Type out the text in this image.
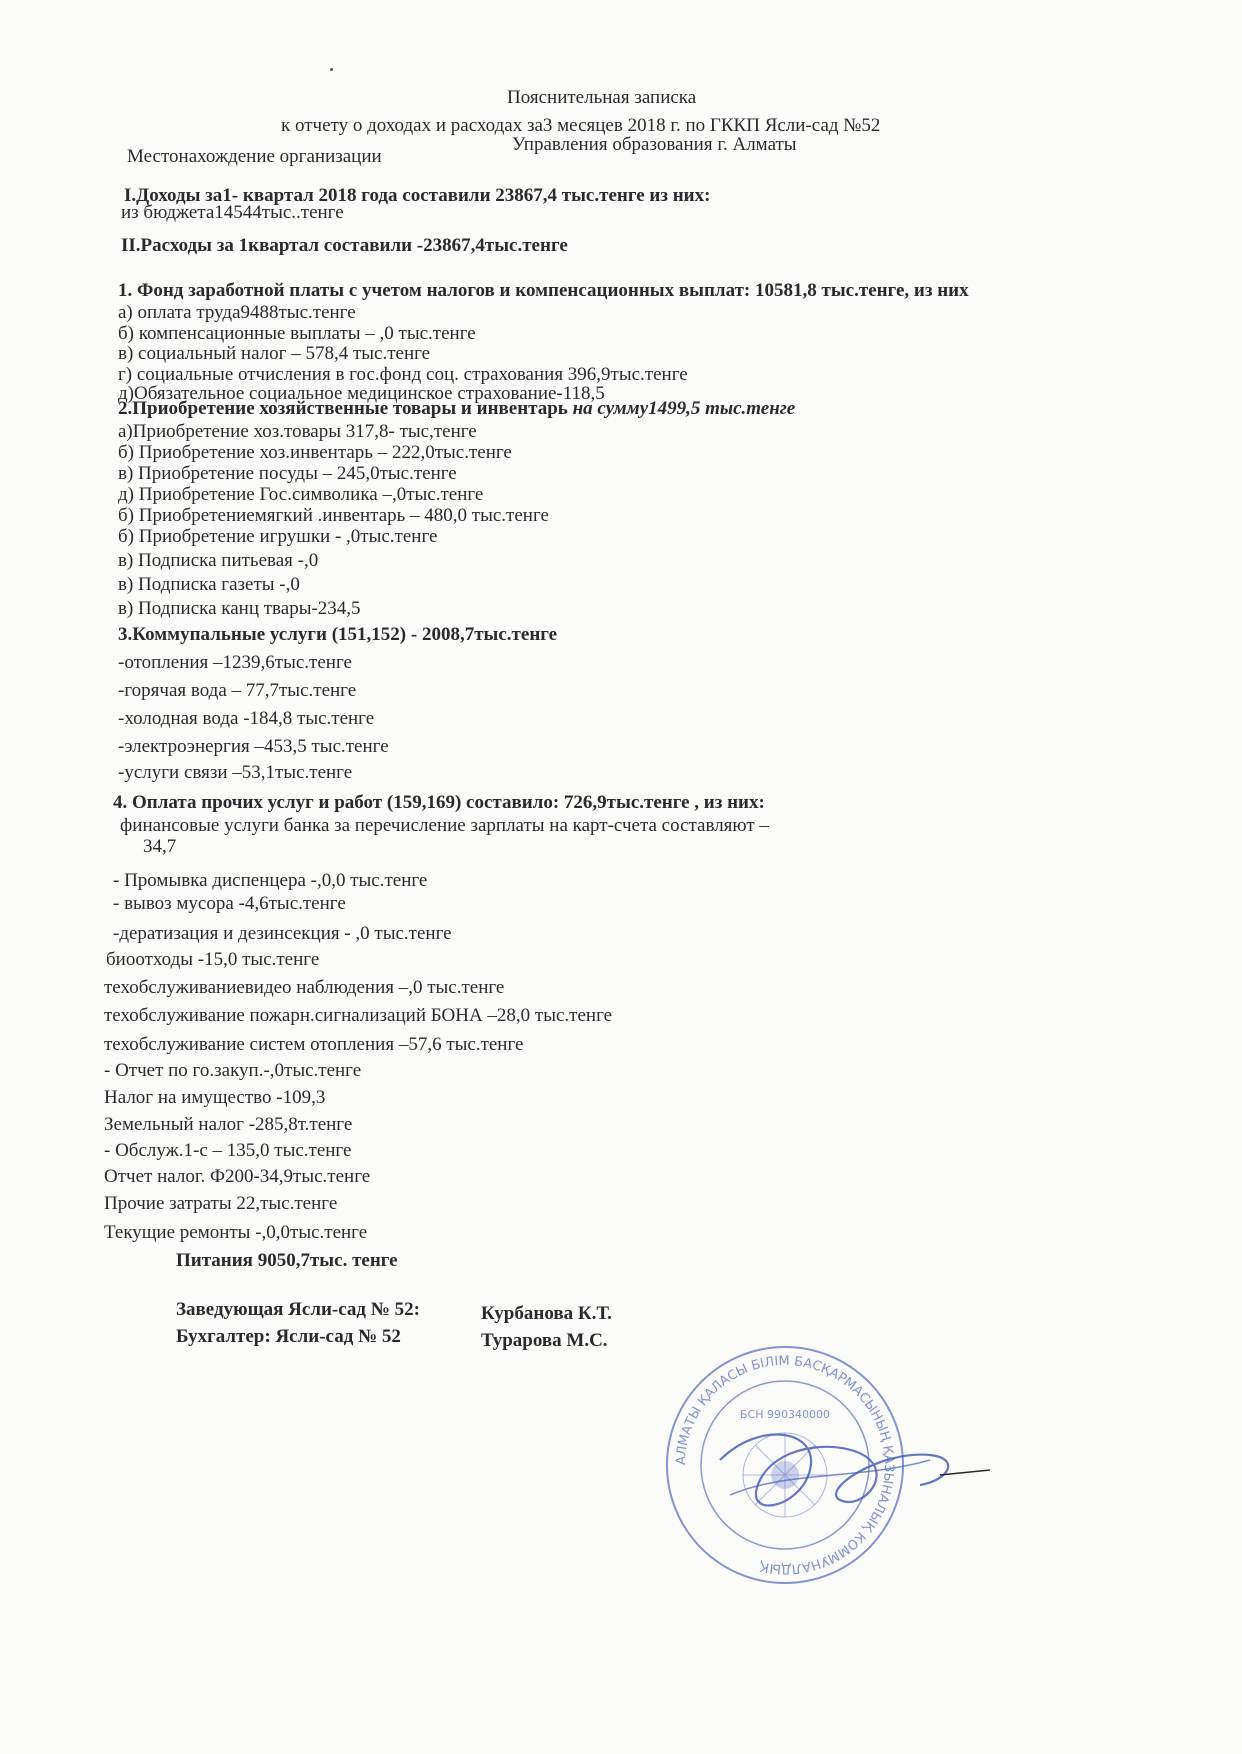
Пояснительная записка
к отчету о доходах и расходах за3 месяцев 2018 г. по ГККП Ясли-сад №52
Управления образования г. Алматы
Местонахождение организации
I.Доходы за1- квартал 2018 года составили 23867,4 тыс.тенге из них:
из бюджета14544тыс..тенге
II.Расходы за 1квартал составили -23867,4тыс.тенге
1. Фонд заработной платы с учетом налогов и компенсационных выплат: 10581,8 тыс.тенге, из них
а) оплата труда9488тыс.тенге
б) компенсационные выплаты – ,0 тыс.тенге
в) социальный налог – 578,4 тыс.тенге
г) социальные отчисления в гос.фонд соц. страхования 396,9тыс.тенге
д)Обязательное социальное медицинское страхование-118,5
2.Приобретение хозяйственные товары и инвентарь на сумму1499,5 тыс.тенге
а)Приобретение хоз.товары 317,8- тыс,тенге
б) Приобретение хоз.инвентарь – 222,0тыс.тенге
в) Приобретение посуды – 245,0тыс.тенге
д) Приобретение Гос.символика –,0тыс.тенге
б) Приобретениемягкий .инвентарь – 480,0 тыс.тенге
б) Приобретение игрушки - ,0тыс.тенге
в) Подписка питьевая -,0
в) Подписка газеты -,0
в) Подписка канц твары-234,5
3.Коммупальные услуги (151,152) - 2008,7тыс.тенге
-отопления –1239,6тыс.тенге
-горячая вода – 77,7тыс.тенге
-холодная вода -184,8 тыс.тенге
-электроэнергия –453,5 тыс.тенге
-услуги связи –53,1тыс.тенге
4. Оплата прочих услуг и работ (159,169) составило: 726,9тыс.тенге , из них:
финансовые услуги банка за перечисление зарплаты на карт-счета составляют –
34,7
- Промывка диспенцера -,0,0 тыс.тенге
- вывоз мусора -4,6тыс.тенге
-дератизация и дезинсекция - ,0 тыс.тенге
биоотходы -15,0 тыс.тенге
техобслуживаниевидео наблюдения –,0 тыс.тенге
техобслуживание пожарн.сигнализаций БОНА –28,0 тыс.тенге
техобслуживание систем отопления –57,6 тыс.тенге
- Отчет по го.закуп.-,0тыс.тенге
Налог на имущество -109,3
Земельный налог -285,8т.тенге
- Обслуж.1-с – 135,0 тыс.тенге
Отчет налог. Ф200-34,9тыс.тенге
Прочие затраты 22,тыс.тенге
Текущие ремонты -,0,0тыс.тенге
Питания 9050,7тыс. тенге
Заведующая Ясли-сад № 52:	Курбанова К.Т.
Бухгалтер: Ясли-сад № 52	Турарова М.С.
АЛМАТЫ ҚАЛАСЫ БІЛІМ БАСҚАРМАСЫНЫҢ ҚАЗЫНАЛЫҚ КОММУНАЛДЫҚ
БСН 990340000
